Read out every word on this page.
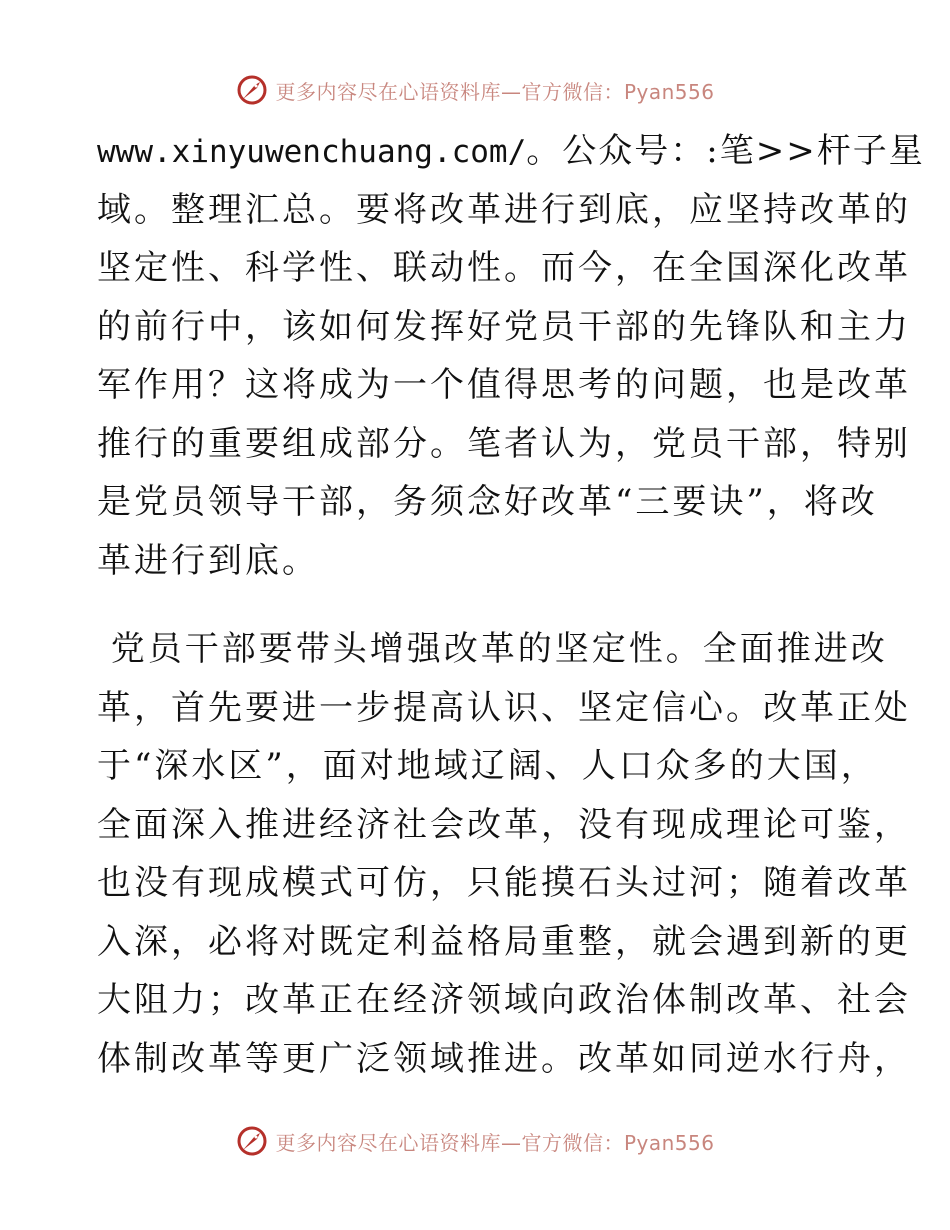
更多内容尽在心语资料库—官方微信：Pyan556
www.xinyuwenchuang.com/。公众号：:笔>>杆子星
域。整理汇总。要将改革进行到底，应坚持改革的
坚定性、科学性、联动性。而今，在全国深化改革
的前行中，该如何发挥好党员干部的先锋队和主力
军作用？这将成为一个值得思考的问题，也是改革
推行的重要组成部分。笔者认为，党员干部，特别
是党员领导干部，务须念好改革“三要诀”，将改
革进行到底。
党员干部要带头增强改革的坚定性。全面推进改
革，首先要进一步提高认识、坚定信心。改革正处
于“深水区”，面对地域辽阔、人口众多的大国，
全面深入推进经济社会改革，没有现成理论可鉴，
也没有现成模式可仿，只能摸石头过河；随着改革
入深，必将对既定利益格局重整，就会遇到新的更
大阻力；改革正在经济领域向政治体制改革、社会
体制改革等更广泛领域推进。改革如同逆水行舟，
更多内容尽在心语资料库—官方微信：Pyan556
